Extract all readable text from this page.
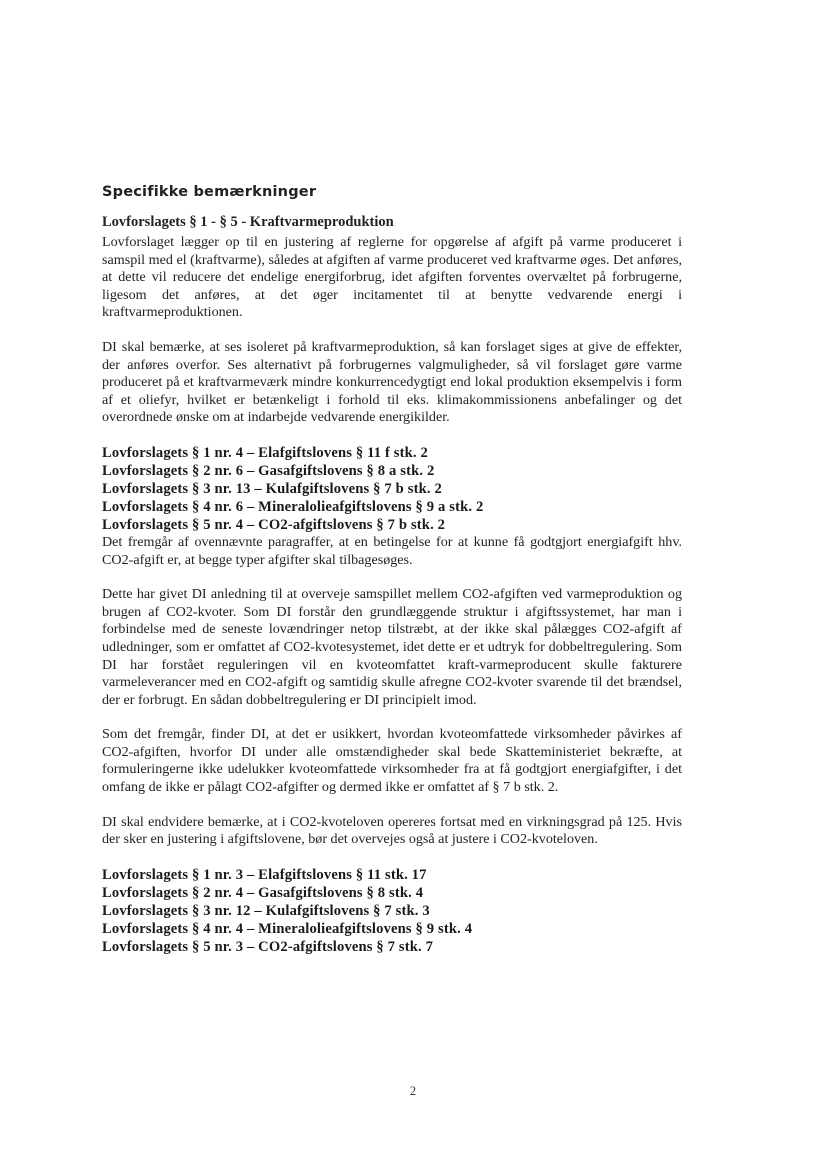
Specifikke bemærkninger
Lovforslagets § 1 - § 5 - Kraftvarmeproduktion

Lovforslaget lægger op til en justering af reglerne for opgørelse af afgift på varme produceret i samspil med el (kraftvarme), således at afgiften af varme produceret ved kraftvarme øges. Det anføres, at dette vil reducere det endelige energiforbrug, idet afgiften forventes overvæltet på forbrugerne, ligesom det anføres, at det øger incitamentet til at benytte vedvarende energi i kraftvarmeproduktionen.

DI skal bemærke, at ses isoleret på kraftvarmeproduktion, så kan forslaget siges at give de effekter, der anføres overfor. Ses alternativt på forbrugernes valgmuligheder, så vil forslaget gøre varme produceret på et kraftvarmeværk mindre konkurrencedygtigt end lokal produktion eksempelvis i form af et oliefyr, hvilket er betænkeligt i forhold til eks. klimakommissionens anbefalinger og det overordnede ønske om at indarbejde vedvarende energikilder.

Lovforslagets § 1 nr. 4 – Elafgiftslovens § 11 f stk. 2
Lovforslagets § 2 nr. 6 – Gasafgiftslovens § 8 a stk. 2
Lovforslagets § 3 nr. 13 – Kulafgiftslovens § 7 b stk. 2
Lovforslagets § 4 nr. 6 – Mineralolieafgiftslovens § 9 a stk. 2
Lovforslagets § 5 nr. 4 – CO2-afgiftslovens § 7 b stk. 2

Det fremgår af ovennævnte paragraffer, at en betingelse for at kunne få godtgjort energiafgift hhv. CO2-afgift er, at begge typer afgifter skal tilbagesøges.

Dette har givet DI anledning til at overveje samspillet mellem CO2-afgiften ved varmeproduktion og brugen af CO2-kvoter. Som DI forstår den grundlæggende struktur i afgiftssystemet, har man i forbindelse med de seneste lovændringer netop tilstræbt, at der ikke skal pålægges CO2-afgift af udledninger, som er omfattet af CO2-kvotesystemet, idet dette er et udtryk for dobbeltregulering. Som DI har forstået reguleringen vil en kvoteomfattet kraft-varmeproducent skulle fakturere varmeleverancer med en CO2-afgift og samtidig skulle afregne CO2-kvoter svarende til det brændsel, der er forbrugt. En sådan dobbeltregulering er DI principielt imod.

Som det fremgår, finder DI, at det er usikkert, hvordan kvoteomfattede virksomheder påvirkes af CO2-afgiften, hvorfor DI under alle omstændigheder skal bede Skatteministeriet bekræfte, at formuleringerne ikke udelukker kvoteomfattede virksomheder fra at få godtgjort energiafgifter, i det omfang de ikke er pålagt CO2-afgifter og dermed ikke er omfattet af § 7 b stk. 2.

DI skal endvidere bemærke, at i CO2-kvoteloven opereres fortsat med en virkningsgrad på 125. Hvis der sker en justering i afgiftslovene, bør det overvejes også at justere i CO2-kvoteloven.

Lovforslagets § 1 nr. 3 – Elafgiftslovens § 11 stk. 17
Lovforslagets § 2 nr. 4 – Gasafgiftslovens § 8 stk. 4
Lovforslagets § 3 nr. 12 – Kulafgiftslovens § 7 stk. 3
Lovforslagets § 4 nr. 4 – Mineralolieafgiftslovens § 9 stk. 4
Lovforslagets § 5 nr. 3 – CO2-afgiftslovens § 7 stk. 7
2
